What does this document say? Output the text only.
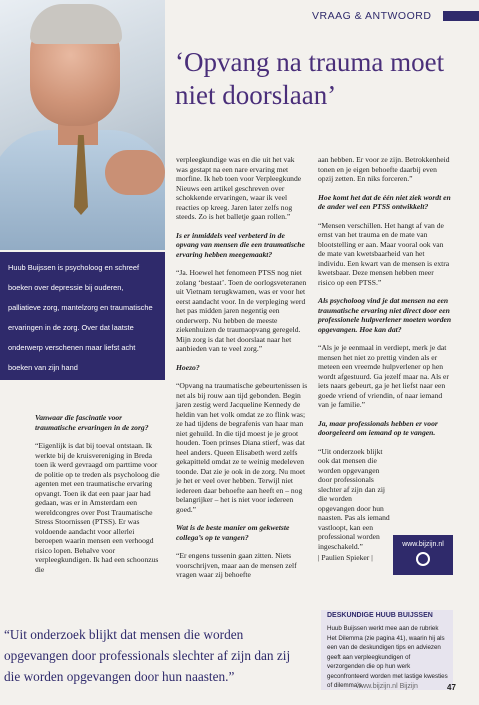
Huub Buijssen is psycholoog en schreef boeken over depressie bij ouderen, palliatieve zorg, mantelzorg en traumatische ervaringen in de zorg. Over dat laatste onderwerp verschenen maar liefst acht boeken van zijn hand
VRAAG & ANTWOORD
‘Opvang na trauma moet niet doorslaan’

Vanwaar die fascinatie voor traumatische ervaringen in de zorg?

“Eigenlijk is dat bij toeval ontstaan. Ik werkte bij de kruisvereniging in Breda toen ik werd gevraagd om parttime voor de politie op te treden als psycholoog die agenten met een traumatische ervaring opvangt. Toen ik dat een paar jaar had gedaan, was er in Amsterdam een wereldcongres over Post Traumatische Stress Stoornissen (PTSS). Er was voldoende aandacht voor allerlei beroepen waarin mensen een verhoogd risico lopen. Behalve voor verpleegkundigen. Ik had een schoonzus die

verpleegkundige was en die uit het vak was gestapt na een nare ervaring met morfine. Ik heb toen voor Verpleegkunde Nieuws een artikel geschreven over schokkende ervaringen, waar ik veel reacties op kreeg. Jaren later zelfs nog steeds. Zo is het balletje gaan rollen.”

Is er inmiddels veel verbeterd in de opvang van mensen die een traumatische ervaring hebben meegemaakt?

“Ja. Hoewel het fenomeen PTSS nog niet zolang ‘bestaat’. Toen de oorlogsveteranen uit Vietnam terugkwamen, was er voor het eerst aandacht voor. In de verpleging werd het pas midden jaren negentig een onderwerp. Nu hebben de meeste ziekenhuizen de traumaopvang geregeld. Mijn zorg is dat het doorslaat naar het aanbieden van te veel zorg.”

Hoezo?

“Opvang na traumatische gebeurtenissen is net als bij rouw aan tijd gebonden. Begin jaren zestig werd Jacqueline Kennedy de heldin van het volk omdat ze zo flink was; ze had tijdens de begrafenis van haar man niet gehuild. In die tijd moest je je groot houden. Toen prinses Diana stierf, was dat heel anders. Queen Elisabeth werd zelfs gekapitteld omdat ze te weinig medeleven toonde. Dat zie je ook in de zorg. Nu moet je het er veel over hebben. Terwijl niet iedereen daar behoefte aan heeft en – nog belangrijker – het is niet voor iedereen goed.”

Wat is de beste manier om gekwetste collega’s op te vangen?

“Er engens tussenin gaan zitten. Niets voorschrijven, maar aan de mensen zelf vragen waar zij behoefte

aan hebben. Er voor ze zijn. Betrokkenheid tonen en je eigen behoefte daarbij even opzij zetten. En niks forceren.”

Hoe komt het dat de één niet ziek wordt en de ander wel een PTSS ontwikkelt?

“Mensen verschillen. Het hangt af van de ernst van het trauma en de mate van blootstelling er aan. Maar vooral ook van de mate van kwetsbaarheid van het individu. Een kwart van de mensen is extra kwetsbaar. Deze mensen hebben meer risico op een PTSS.”

Als psycholoog vind je dat mensen na een traumatische ervaring niet direct door een professionele hulpverlener moeten worden opgevangen. Hoe kan dat?

“Als je je eenmaal in verdiept, merk je dat mensen het niet zo prettig vinden als er meteen een vreemde hulpverlener op hen wordt afgestuurd. Ga jezelf maar na. Als er iets naars gebeurt, ga je het liefst naar een goede vriend of vriendin, of naar iemand van je familie.”

Ja, maar professionals hebben er voor doorgeleerd om iemand op te vangen.

“Uit onderzoek blijkt ook dat mensen die worden opgevangen door professionals slechter af zijn dan zij die worden opgevangen door hun naasten. Pas als iemand vastloopt, kan een professional worden ingeschakeld.”

| Paulien Spieker |

www.bijzijn.nl
“Uit onderzoek blijkt dat mensen die worden opgevangen door professionals slechter af zijn dan zij die worden opgevangen door hun naasten.”
DESKUNDIGE HUUB BUIJSSEN
Huub Buijssen werkt mee aan de rubriek Het Dilemma (zie pagina 41), waarin hij als een van de deskundigen tips en adviezen geeft aan verpleegkundigen of verzorgenden die op hun werk geconfronteerd worden met lastige kwesties of dilemma’s.
www.bijzijn.nl Bijzijn	47
